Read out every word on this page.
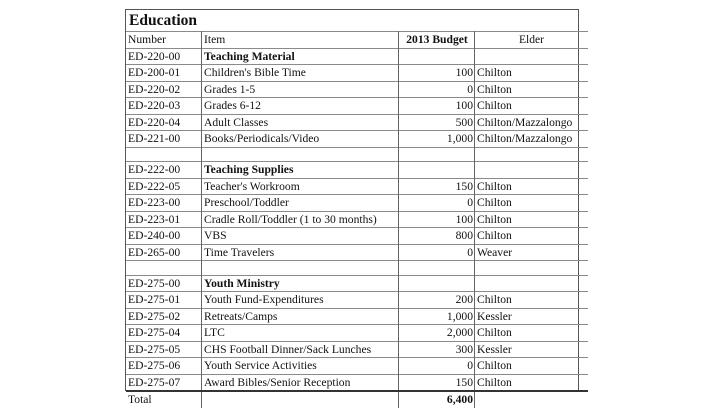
Education
Number	Item	2013 Budget	Elder
ED-220-00	Teaching Material		
ED-200-01	Children's Bible Time	100	Chilton
ED-220-02	Grades 1-5	0	Chilton
ED-220-03	Grades 6-12	100	Chilton
ED-220-04	Adult Classes	500	Chilton/Mazzalongo
ED-221-00	Books/Periodicals/Video	1,000	Chilton/Mazzalongo

ED-222-00	Teaching Supplies		
ED-222-05	Teacher's Workroom	150	Chilton
ED-223-00	Preschool/Toddler	0	Chilton
ED-223-01	Cradle Roll/Toddler (1 to 30 months)	100	Chilton
ED-240-00	VBS	800	Chilton
ED-265-00	Time Travelers	0	Weaver

ED-275-00	Youth Ministry		
ED-275-01	Youth Fund-Expenditures	200	Chilton
ED-275-02	Retreats/Camps	1,000	Kessler
ED-275-04	LTC	2,000	Chilton
ED-275-05	CHS Football Dinner/Sack Lunches	300	Kessler
ED-275-06	Youth Service Activities	0	Chilton
ED-275-07	Award Bibles/Senior Reception	150	Chilton
Total		6,400	
